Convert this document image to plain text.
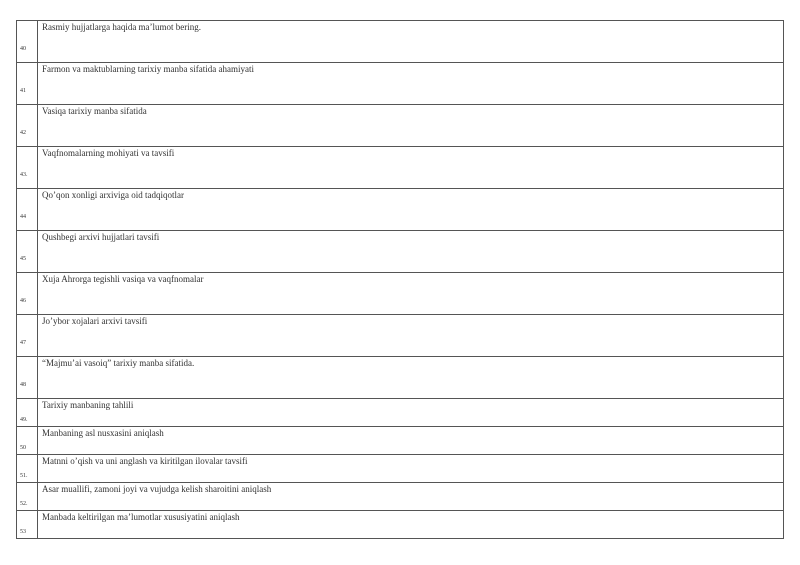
40	Rasmiy hujjatlarga haqida ma’lumot bering.
41	Farmon va maktublarning tarixiy manba sifatida ahamiyati
42	Vasiqa tarixiy manba sifatida
43.	Vaqfnomalarning mohiyati va tavsifi
44	Qo’qon xonligi arxiviga oid tadqiqotlar
45	Qushbegi arxivi hujjatlari tavsifi
46	Xuja Ahrorga tegishli vasiqa va vaqfnomalar
47	Jo’ybor xojalari arxivi tavsifi
48	“Majmu’ai vasoiq” tarixiy manba sifatida.
49.	Tarixiy manbaning tahlili
50	Manbaning asl nusxasini aniqlash
51.	Matnni o’qish va uni anglash va kiritilgan ilovalar tavsifi
52.	Asar muallifi, zamoni joyi va vujudga kelish sharoitini aniqlash
53	Manbada keltirilgan ma’lumotlar xususiyatini aniqlash
